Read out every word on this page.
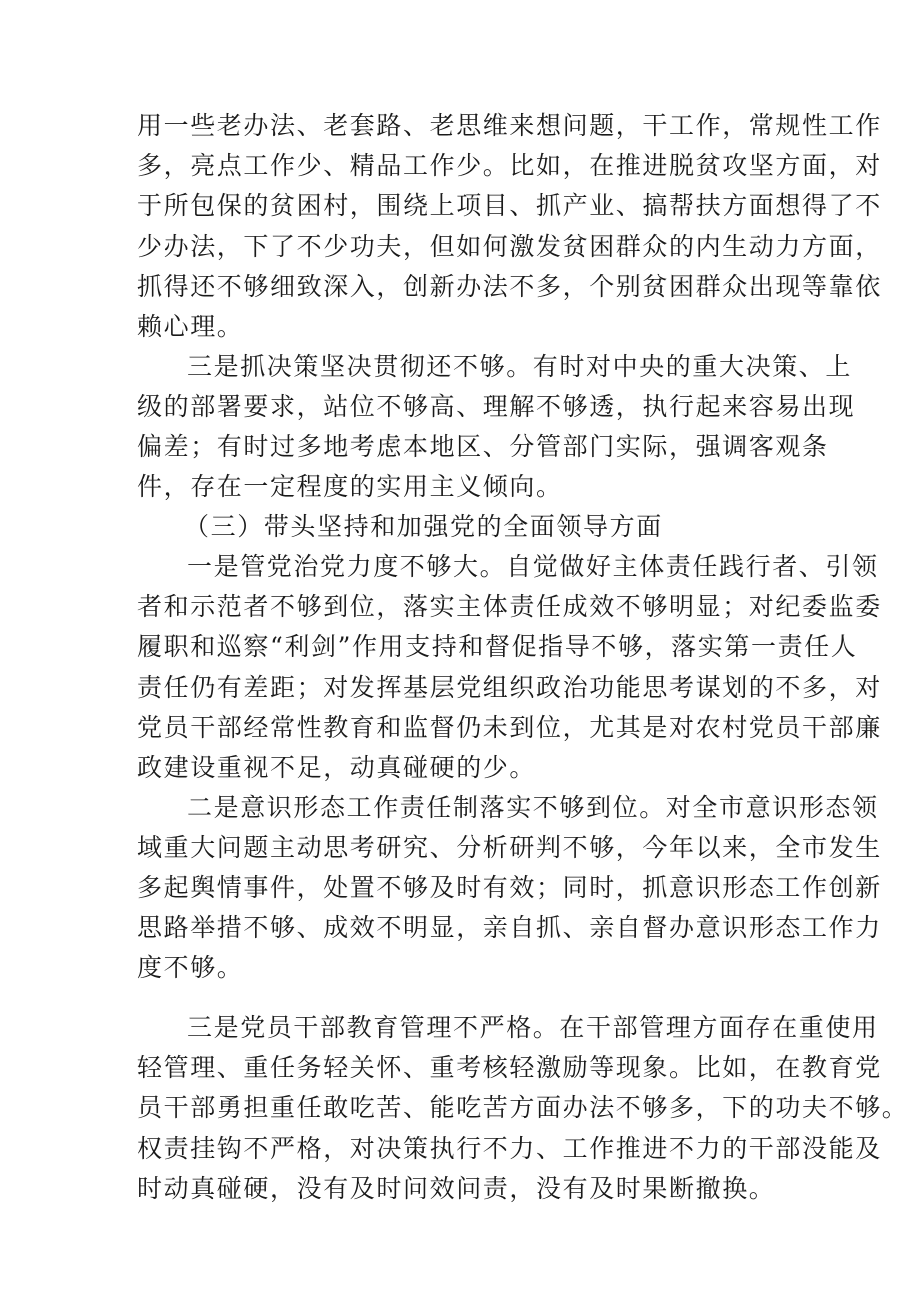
用一些老办法、老套路、老思维来想问题，干工作，常规性工作
多，亮点工作少、精品工作少。比如，在推进脱贫攻坚方面，对
于所包保的贫困村，围绕上项目、抓产业、搞帮扶方面想得了不
少办法，下了不少功夫，但如何激发贫困群众的内生动力方面，
抓得还不够细致深入，创新办法不多，个别贫困群众出现等靠依
赖心理。
三是抓决策坚决贯彻还不够。有时对中央的重大决策、上
级的部署要求，站位不够高、理解不够透，执行起来容易出现
偏差；有时过多地考虑本地区、分管部门实际，强调客观条
件，存在一定程度的实用主义倾向。
（三）带头坚持和加强党的全面领导方面
一是管党治党力度不够大。自觉做好主体责任践行者、引领
者和示范者不够到位，落实主体责任成效不够明显；对纪委监委
履职和巡察“利剑”作用支持和督促指导不够，落实第一责任人
责任仍有差距；对发挥基层党组织政治功能思考谋划的不多，对
党员干部经常性教育和监督仍未到位，尤其是对农村党员干部廉
政建设重视不足，动真碰硬的少。
二是意识形态工作责任制落实不够到位。对全市意识形态领
域重大问题主动思考研究、分析研判不够，今年以来，全市发生
多起舆情事件，处置不够及时有效；同时，抓意识形态工作创新
思路举措不够、成效不明显，亲自抓、亲自督办意识形态工作力
度不够。
三是党员干部教育管理不严格。在干部管理方面存在重使用
轻管理、重任务轻关怀、重考核轻激励等现象。比如，在教育党
员干部勇担重任敢吃苦、能吃苦方面办法不够多，下的功夫不够。
权责挂钩不严格，对决策执行不力、工作推进不力的干部没能及
时动真碰硬，没有及时问效问责，没有及时果断撤换。
